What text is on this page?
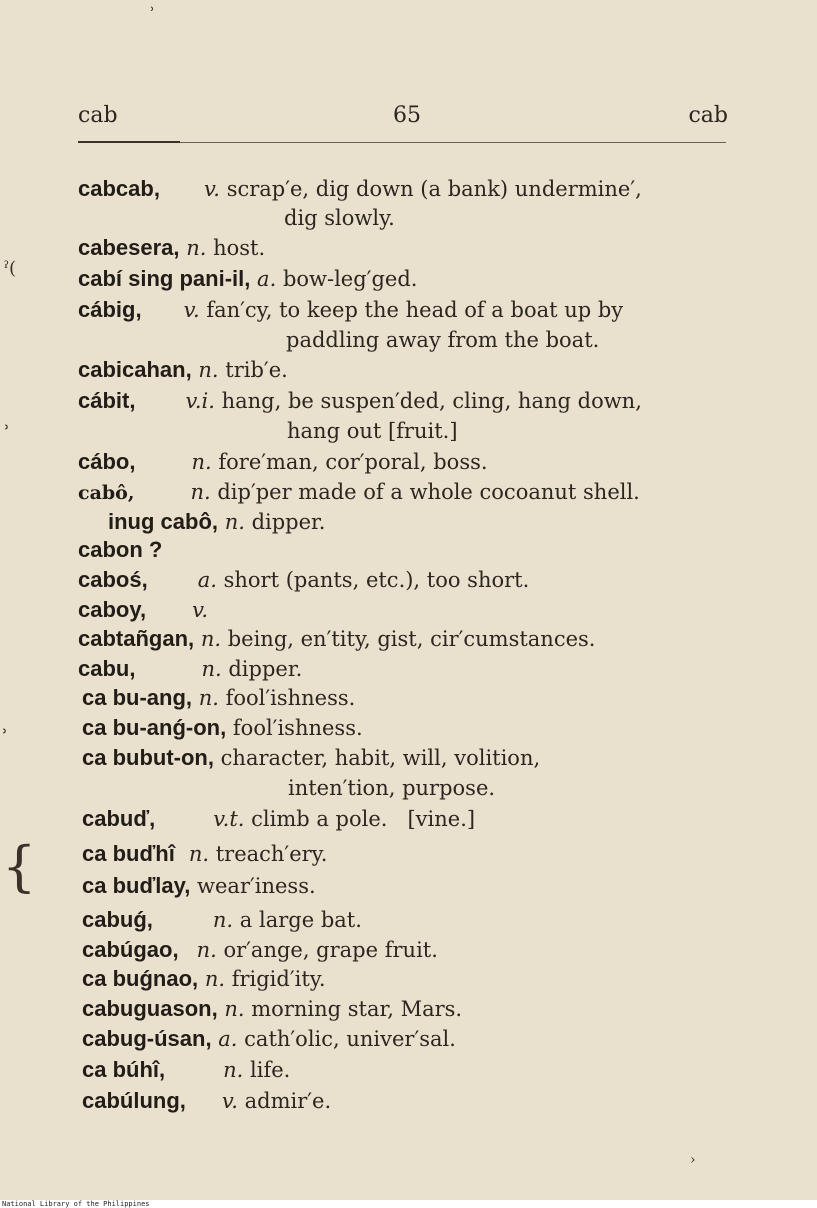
ʾ
ˀ(
ʾ
ʾ
{
›
cab	65	cab
cabcab, v. scrap′e, dig down (a bank) undermine′,
dig slowly.
cabesera, n. host.
cabí sing pani-il, a. bow-leg′ged.
cábig, v. fan′cy, to keep the head of a boat up by
paddling away from the boat.
cabicahan, n. trib′e.
cábit, v.i. hang, be suspen′ded, cling, hang down,
hang out [fruit.]
cábo,	n. fore′man, cor′poral, boss.
cabô,	n. dip′per made of a whole cocoanut shell.
inug cabô, n. dipper.
cabon ?
caboś, a. short (pants, etc.), too short.
caboy, v.
cabtañgan, n. being, en′tity, gist, cir′cumstances.
cabu,	n. dipper.
ca bu-ang, n. fool′ishness.
ca bu-anǵ-on, fool′ishness.
ca bubut-on, character, habit, will, volition,
inten′tion, purpose.
cabuď,	v.t. climb a pole.   [vine.]
ca buďhî n. treach′ery.
ca buďlay, wear′iness.
cabuǵ,	n. a large bat.
cabúgao, n. or′ange, grape fruit.
ca buǵnao, n. frigid′ity.
cabuguason, n. morning star, Mars.
cabug-úsan, a. cath′olic, univer′sal.
ca búhî,	n. life.
cabúlung, v. admir′e.
National Library of the Philippines
